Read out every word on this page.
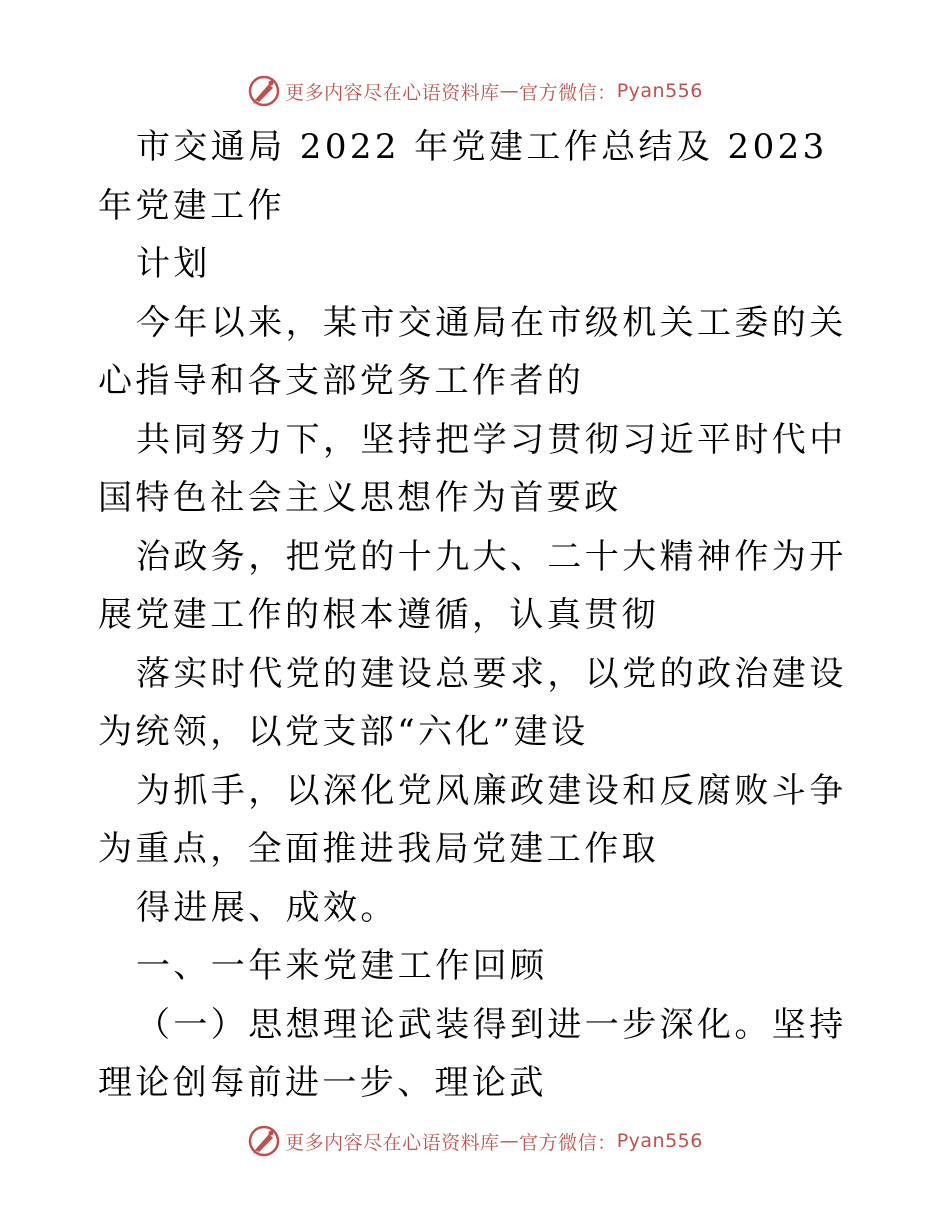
更多内容尽在心语资料库 — 官方微信： Pyan556

市交通局 2022 年党建工作总结及 2023 年党建工作

计划

今年以来，某市交通局在市级机关工委的关心指导和各支部党务工作者的

共同努力下，坚持把学习贯彻习近平时代中国特色社会主义思想作为首要政

治政务，把党的十九大、二十大精神作为开展党建工作的根本遵循，认真贯彻

落实时代党的建设总要求，以党的政治建设为统领，以党支部“六化”建设

为抓手，以深化党风廉政建设和反腐败斗争为重点，全面推进我局党建工作取

得进展、成效。

一、一年来党建工作回顾

（一）思想理论武装得到进一步深化。坚持理论创每前进一步、理论武

更多内容尽在心语资料库 — 官方微信： Pyan556
